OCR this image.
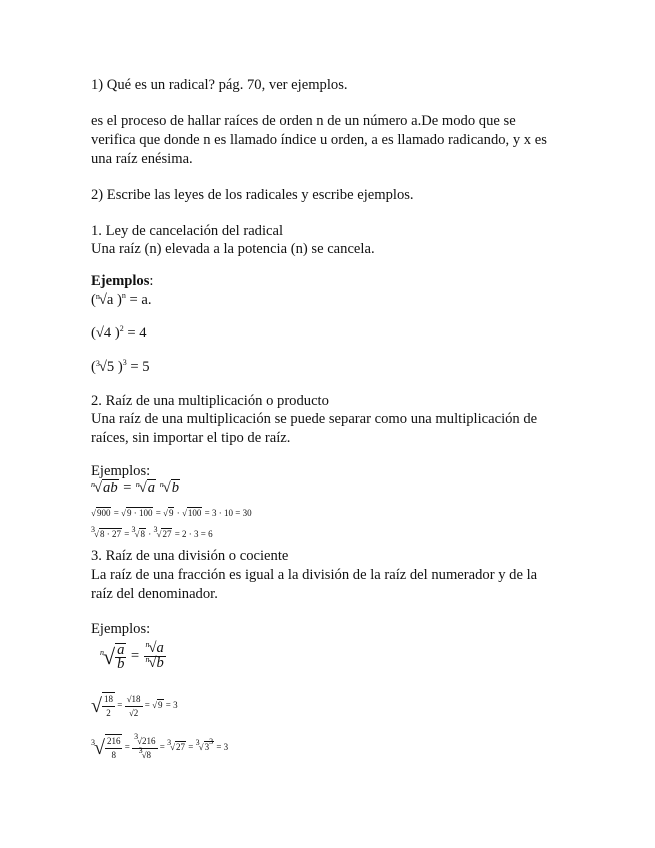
1) Qué es un radical? pág. 70, ver ejemplos.
es el proceso de hallar raíces de orden n de un número a.De modo que se verifica que donde n es llamado índice u orden, a es llamado radicando, y x es una raíz enésima.
2) Escribe las leyes de los radicales y escribe ejemplos.
1. Ley de cancelación del radical
Una raíz (n) elevada a la potencia (n) se cancela.
Ejemplos:
($^n$√a )$^n$ = a.
(√4 )$^2$ = 4
($^3$√5 )$^3$ = 5
2. Raíz de una multiplicación o producto
Una raíz de una multiplicación se puede separar como una multiplicación de raíces, sin importar el tipo de raíz.
Ejemplos:
$^n$√ab = $^n$√a $^n$√b
√900 = √9 · 100 = √9 · √100 = 3 · 10 = 30
3√8 · 27 = 3√8 · 3√27 = 2 · 3 = 6
3. Raíz de una división o cociente
La raíz de una fracción es igual a la división de la raíz del numerador y de la raíz del denominador.
Ejemplos:
$^n√ \frac{a}{b} = \frac{^n√a}{^n√b}$
√ $\frac{18}{2} = \frac{√18}{√2} = √9 = 3$
$3√ \frac{216}{8} = \frac{3√216}{3√8} = 3√27 = 3√3^3 = 3$
